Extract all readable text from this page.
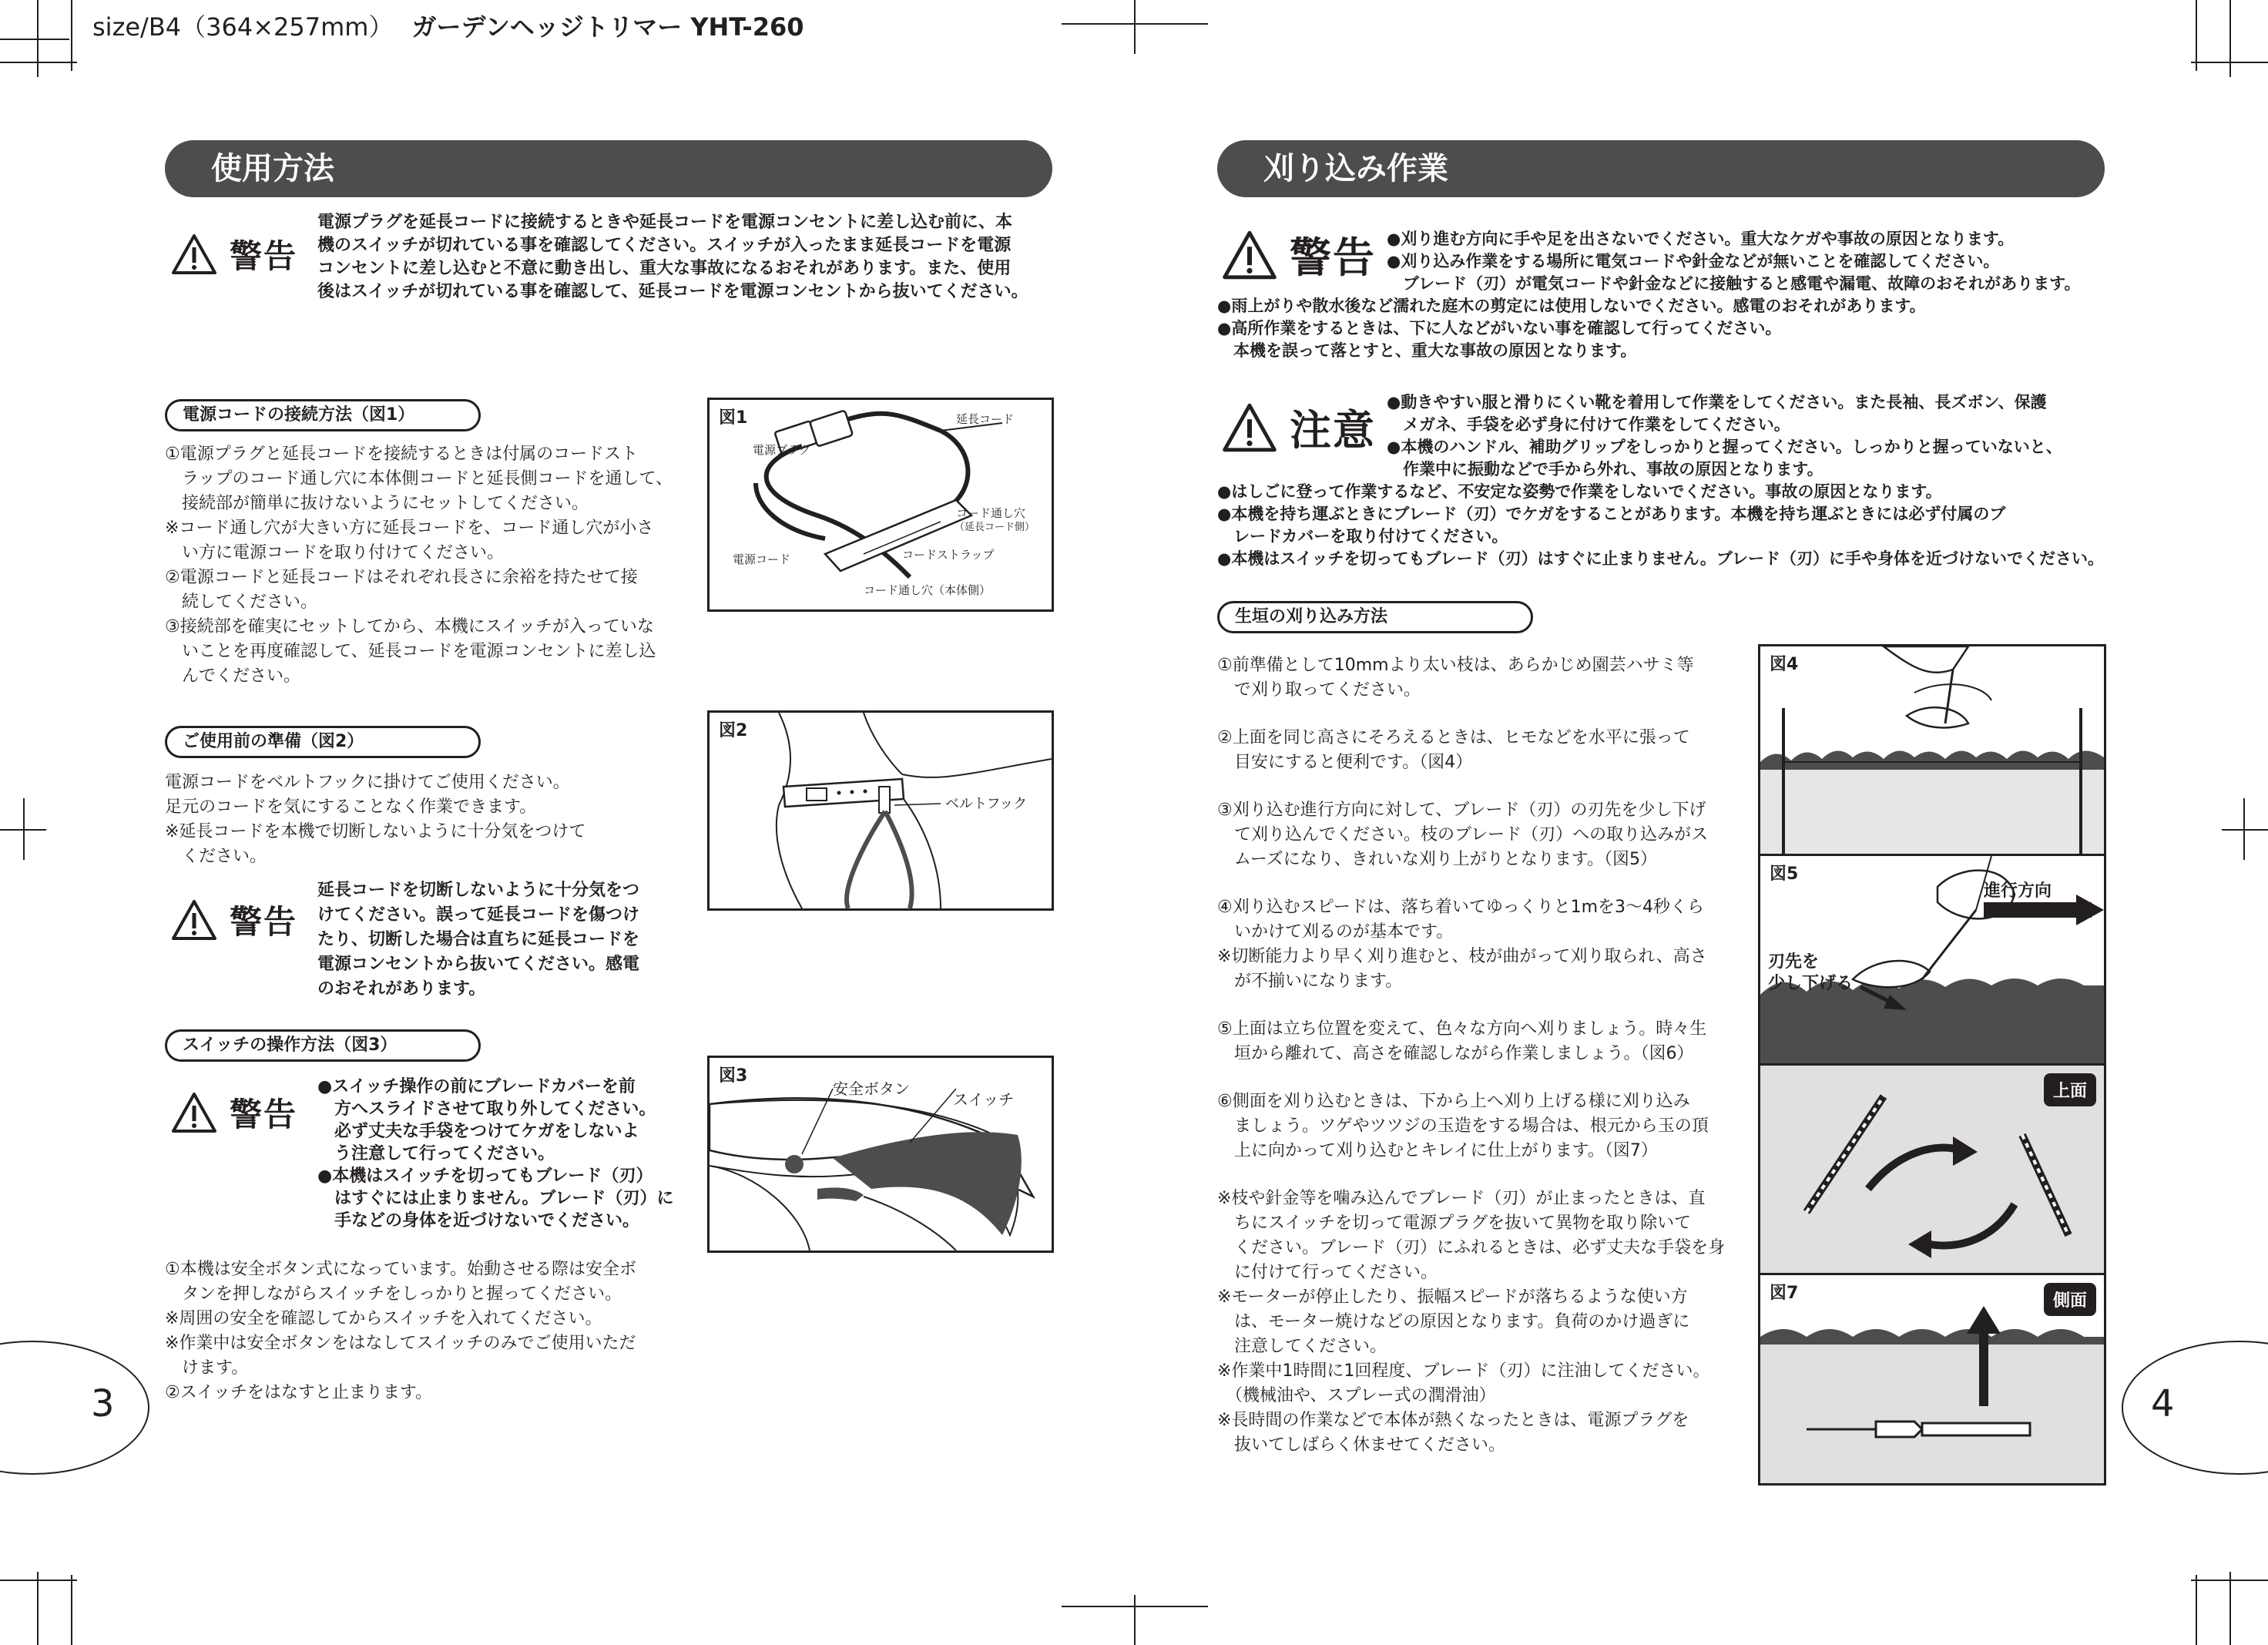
size/B4（364×257mm） ガーデンヘッジトリマー YHT-260
使用方法
警告

電源プラグを延長コードに接続するときや延長コードを電源コンセントに差し込む前に、本

機のスイッチが切れている事を確認してください。スイッチが入ったまま延長コードを電源

コンセントに差し込むと不意に動き出し、重大な事故になるおそれがあります。また、使用

後はスイッチが切れている事を確認して、延長コードを電源コンセントから抜いてください。

電源コードの接続方法（図1）

①電源プラグと延長コードを接続するときは付属のコードスト

　ラップのコード通し穴に本体側コードと延長側コードを通して、

　接続部が簡単に抜けないようにセットしてください。

※コード通し穴が大きい方に延長コードを、コード通し穴が小さ

　い方に電源コードを取り付けてください。

②電源コードと延長コードはそれぞれ長さに余裕を持たせて接

　続してください。

③接続部を確実にセットしてから、本機にスイッチが入っていな

　いことを再度確認して、延長コードを電源コンセントに差し込

　んでください。

図1	延長コード
電源プラグ
コード通し穴
（延長コード側）
電源コード	コードストラップ
コード通し穴（本体側）
ご使用前の準備（図2）

電源コードをベルトフックに掛けてご使用ください。

足元のコードを気にすることなく作業できます。

※延長コードを本機で切断しないように十分気をつけて

　ください。

警告

延長コードを切断しないように十分気をつ

けてください。誤って延長コードを傷つけ

たり、切断した場合は直ちに延長コードを

電源コンセントから抜いてください。感電

のおそれがあります。

図2
ベルトフック
スイッチの操作方法（図3）
警告

●スイッチ操作の前にブレードカバーを前

　方へスライドさせて取り外してください。

　必ず丈夫な手袋をつけてケガをしないよ

　う注意して行ってください。

●本機はスイッチを切ってもブレード（刃）

　はすぐには止まりません。ブレード（刃）に

　手などの身体を近づけないでください。

図3
安全ボタン
スイッチ

①本機は安全ボタン式になっています。始動させる際は安全ボ

　タンを押しながらスイッチをしっかりと握ってください。

※周囲の安全を確認してからスイッチを入れてください。

※作業中は安全ボタンをはなしてスイッチのみでご使用いただ

　けます。

②スイッチをはなすと止まります。

3
刈り込み作業
警告 ●刈り進む方向に手や足を出さないでください。重大なケガや事故の原因となります。

●刈り込み作業をする場所に電気コードや針金などが無いことを確認してください。

　ブレード（刃）が電気コードや針金などに接触すると感電や漏電、故障のおそれがあります。

●雨上がりや散水後など濡れた庭木の剪定には使用しないでください。感電のおそれがあります。

●高所作業をするときは、下に人などがいない事を確認して行ってください。

　本機を誤って落とすと、重大な事故の原因となります。

注意

●動きやすい服と滑りにくい靴を着用して作業をしてください。また長袖、長ズボン、保護

　メガネ、手袋を必ず身に付けて作業をしてください。

●本機のハンドル、補助グリップをしっかりと握ってください。しっかりと握っていないと、

　作業中に振動などで手から外れ、事故の原因となります。

●はしごに登って作業するなど、不安定な姿勢で作業をしないでください。事故の原因となります。

●本機を持ち運ぶときにブレード（刃）でケガをすることがあります。本機を持ち運ぶときには必ず付属のブ

　レードカバーを取り付けてください。

●本機はスイッチを切ってもブレード（刃）はすぐに止まりません。ブレード（刃）に手や身体を近づけないでください。

生垣の刈り込み方法

①前準備として10mmより太い枝は、あらかじめ園芸ハサミ等

　で刈り取ってください。

②上面を同じ高さにそろえるときは、ヒモなどを水平に張って

　目安にすると便利です。（図4）

③刈り込む進行方向に対して、ブレード（刃）の刃先を少し下げ

　て刈り込んでください。枝のブレード（刃）への取り込みがス

　ムーズになり、きれいな刈り上がりとなります。（図5）

④刈り込むスピードは、落ち着いてゆっくりと1mを3～4秒くら

　いかけて刈るのが基本です。

※切断能力より早く刈り進むと、枝が曲がって刈り取られ、高さ

　が不揃いになります。

⑤上面は立ち位置を変えて、色々な方向へ刈りましょう。時々生

　垣から離れて、高さを確認しながら作業しましょう。（図6）

⑥側面を刈り込むときは、下から上へ刈り上げる様に刈り込み

　ましょう。ツゲやツツジの玉造をする場合は、根元から玉の頂

　上に向かって刈り込むとキレイに仕上がります。（図7）

※枝や針金等を噛み込んでブレード（刃）が止まったときは、直

　ちにスイッチを切って電源プラグを抜いて異物を取り除いて

　ください。ブレード（刃）にふれるときは、必ず丈夫な手袋を身

　に付けて行ってください。

※モーターが停止したり、振幅スピードが落ちるような使い方

　は、モーター焼けなどの原因となります。負荷のかけ過ぎに

　注意してください。

※作業中1時間に1回程度、ブレード（刃）に注油してください。

　（機械油や、スプレー式の潤滑油）

※長時間の作業などで本体が熱くなったときは、電源プラグを

　抜いてしばらく休ませてください。

図4
図5
進行方向
刃先を
少し下げる
上面
図7	側面
4
